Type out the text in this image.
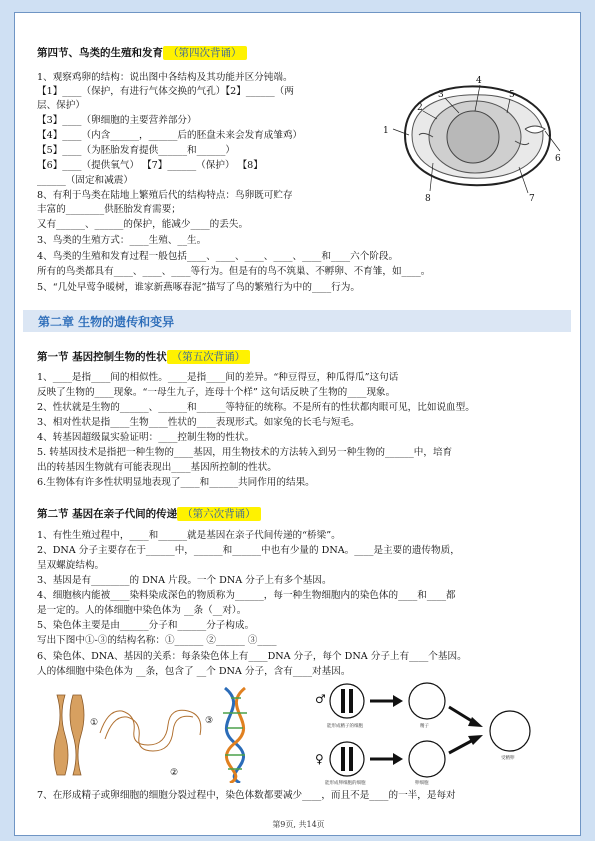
第四节、鸟类的生殖和发育 （第四次背诵）
1
2
3
4
5
6
7
8
第二章 生物的遗传和变异
第一节 基因控制生物的性状 （第五次背诵）
第二节 基因在亲子代间的传递 （第六次背诵）
①
②
③
♂
♀
能形成精子的细胞	精子
能形成卵细胞的细胞	卵细胞
受精卵
第9页, 共14页
1、观察鸡卵的结构：说出图中各结构及其功能并区分钝端。
【1】____（保护，有进行气体交换的气孔）【2】______（两
层、保护）
【3】____（卵细胞的主要营养部分）
【4】____（内含______，______后的胚盘未来会发育成雏鸡）
【5】____（为胚胎发育提供______和______）
【6】____（提供氧气） 【7】______（保护） 【8】
______（固定和减震）
8、有利于鸟类在陆地上繁殖后代的结构特点：鸟卵既可贮存
丰富的________供胚胎发育需要；
又有______、______的保护，能减少____的丢失。
3、鸟类的生殖方式：____生殖、__生。
4、鸟类的生殖和发育过程一般包括____、____、____、____、____和____六个阶段。
所有的鸟类都具有____、____、____等行为。但是有的鸟不筑巢、不孵卵、不育雏，如____。
5、“几处早莺争暖树，谁家新燕啄春泥”描写了鸟的繁殖行为中的____行为。
1、____是指____间的相似性。____是指____间的差异。“种豆得豆，种瓜得瓜”这句话
反映了生物的____现象。“一母生九子，连母十个样” 这句话反映了生物的____现象。
2、性状就是生物的______、______和______等特征的统称。不是所有的性状都肉眼可见，比如说血型。
3、相对性状是指____生物____性状的____表现形式。如家兔的长毛与短毛。
4、转基因超级鼠实验证明：____控制生物的性状。
5. 转基因技术是指把一种生物的____基因，用生物技术的方法转入到另一种生物的______中，培育
出的转基因生物就有可能表现出____基因所控制的性状。
6.生物体有许多性状明显地表现了____和______共同作用的结果。
1、有性生殖过程中，____和______就是基因在亲子代间传递的“桥梁”。
2、DNA 分子主要存在于______中，______和______中也有少量的 DNA。____是主要的遗传物质，
呈双螺旋结构。
3、基因是有________的 DNA 片段。一个 DNA 分子上有多个基因。
4、细胞核内能被____染料染成深色的物质称为______，每一种生物细胞内的染色体的____和____都
是一定的。人的体细胞中染色体为 __条（__对）。
5、染色体主要是由______分子和______分子构成。
写出下图中①-③的结构名称：①______ ②______ ③____
6、染色体、DNA、基因的关系：每条染色体上有____DNA 分子，每个 DNA 分子上有____个基因。
人的体细胞中染色体为 __条，包含了 __个 DNA 分子，含有____对基因。
7、在形成精子或卵细胞的细胞分裂过程中，染色体数都要减少____，而且不是____的一半，是每对
